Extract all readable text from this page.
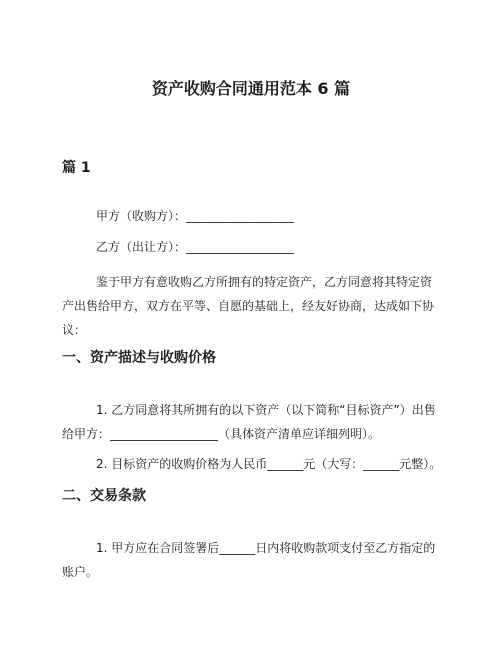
资产收购合同通用范本 6 篇
篇 1

甲方（收购方）：__________________

乙方（出让方）：__________________

鉴于甲方有意收购乙方所拥有的特定资产，乙方同意将其特定资产出售给甲方，双方在平等、自愿的基础上，经友好协商，达成如下协议：

一、资产描述与收购价格

1. 乙方同意将其所拥有的以下资产（以下简称“目标资产”）出售给甲方：__________________（具体资产清单应详细列明）。

2. 目标资产的收购价格为人民币______元（大写：______元整）。

二、交易条款

1. 甲方应在合同签署后______日内将收购款项支付至乙方指定的账户。
